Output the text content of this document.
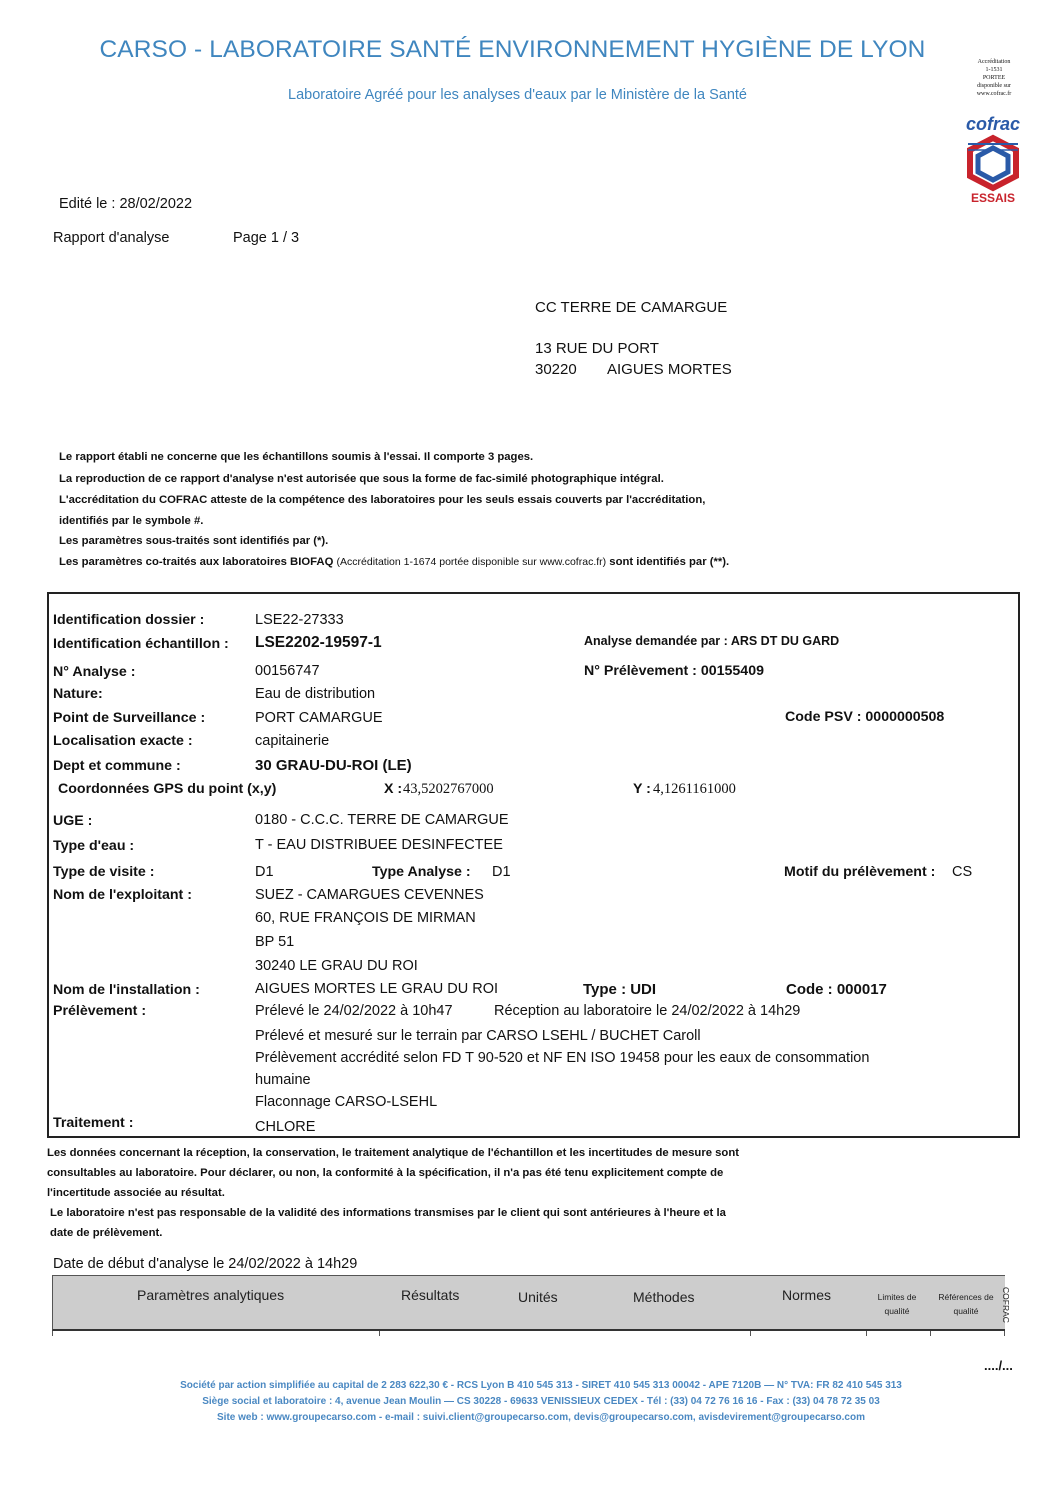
CARSO - LABORATOIRE SANTÉ ENVIRONNEMENT HYGIÈNE DE LYON
Laboratoire Agréé pour les analyses d'eaux par le Ministère de la Santé
Accréditation
1-1531
PORTEE
disponible sur
www.cofrac.fr
cofrac
ESSAIS
Edité le : 28/02/2022
Rapport d'analyse	Page 1 / 3
CC TERRE DE CAMARGUE
13 RUE DU PORT
30220 AIGUES MORTES
Le rapport établi ne concerne que les échantillons soumis à l'essai. Il comporte 3 pages.
La reproduction de ce rapport d'analyse n'est autorisée que sous la forme de fac-similé photographique intégral.
L'accréditation du COFRAC atteste de la compétence des laboratoires pour les seuls essais couverts par l'accréditation,
identifiés par le symbole #.
Les paramètres sous-traités sont identifiés par (*).
Les paramètres co-traités aux laboratoires BIOFAQ (Accréditation 1-1674 portée disponible sur www.cofrac.fr) sont identifiés par (**).
Identification dossier :	LSE22-27333
Identification échantillon : LSE2202-19597-1	Analyse demandée par : ARS DT DU GARD
N° Analyse :	00156747	N° Prélèvement : 00155409
Nature:	Eau de distribution
Point de Surveillance :	PORT CAMARGUE	Code PSV : 0000000508
Localisation exacte :	capitainerie
Dept et commune :	30 GRAU-DU-ROI (LE)
Coordonnées GPS du point (x,y)	X : 43,5202767000	Y : 4,1261161000
UGE :	0180 - C.C.C. TERRE DE CAMARGUE
Type d'eau :	T - EAU DISTRIBUEE DESINFECTEE
Type de visite :	D1	Type Analyse : D1	Motif du prélèvement : CS
Nom de l'exploitant :	SUEZ - CAMARGUES CEVENNES
60, RUE FRANÇOIS DE MIRMAN
BP 51
30240 LE GRAU DU ROI
Nom de l'installation :	AIGUES MORTES LE GRAU DU ROI	Type : UDI	Code : 000017
Prélèvement :	Prélevé le 24/02/2022 à 10h47	Réception au laboratoire le 24/02/2022 à 14h29
Prélevé et mesuré sur le terrain par CARSO LSEHL / BUCHET Caroll
Prélèvement accrédité selon FD T 90-520 et NF EN ISO 19458 pour les eaux de consommation
humaine
Flaconnage CARSO-LSEHL
Traitement :	CHLORE
Les données concernant la réception, la conservation, le traitement analytique de l'échantillon et les incertitudes de mesure sont
consultables au laboratoire. Pour déclarer, ou non, la conformité à la spécification, il n'a pas été tenu explicitement compte de
l'incertitude associée au résultat.
Le laboratoire n'est pas responsable de la validité des informations transmises par le client qui sont antérieures à l'heure et la
date de prélèvement.
Date de début d'analyse le 24/02/2022 à 14h29
Paramètres analytiques	Résultats	Unités	Méthodes	Normes	Limites de qualité
Références de qualité	COFRAC
..../...
Société par action simplifiée au capital de 2 283 622,30 € - RCS Lyon B 410 545 313 - SIRET 410 545 313 00042 - APE 7120B — N° TVA: FR 82 410 545 313
Siège social et laboratoire : 4, avenue Jean Moulin — CS 30228 - 69633 VENISSIEUX CEDEX - Tél : (33) 04 72 76 16 16 - Fax : (33) 04 78 72 35 03
Site web : www.groupecarso.com - e-mail : suivi.client@groupecarso.com, devis@groupecarso.com, avisdevirement@groupecarso.com
